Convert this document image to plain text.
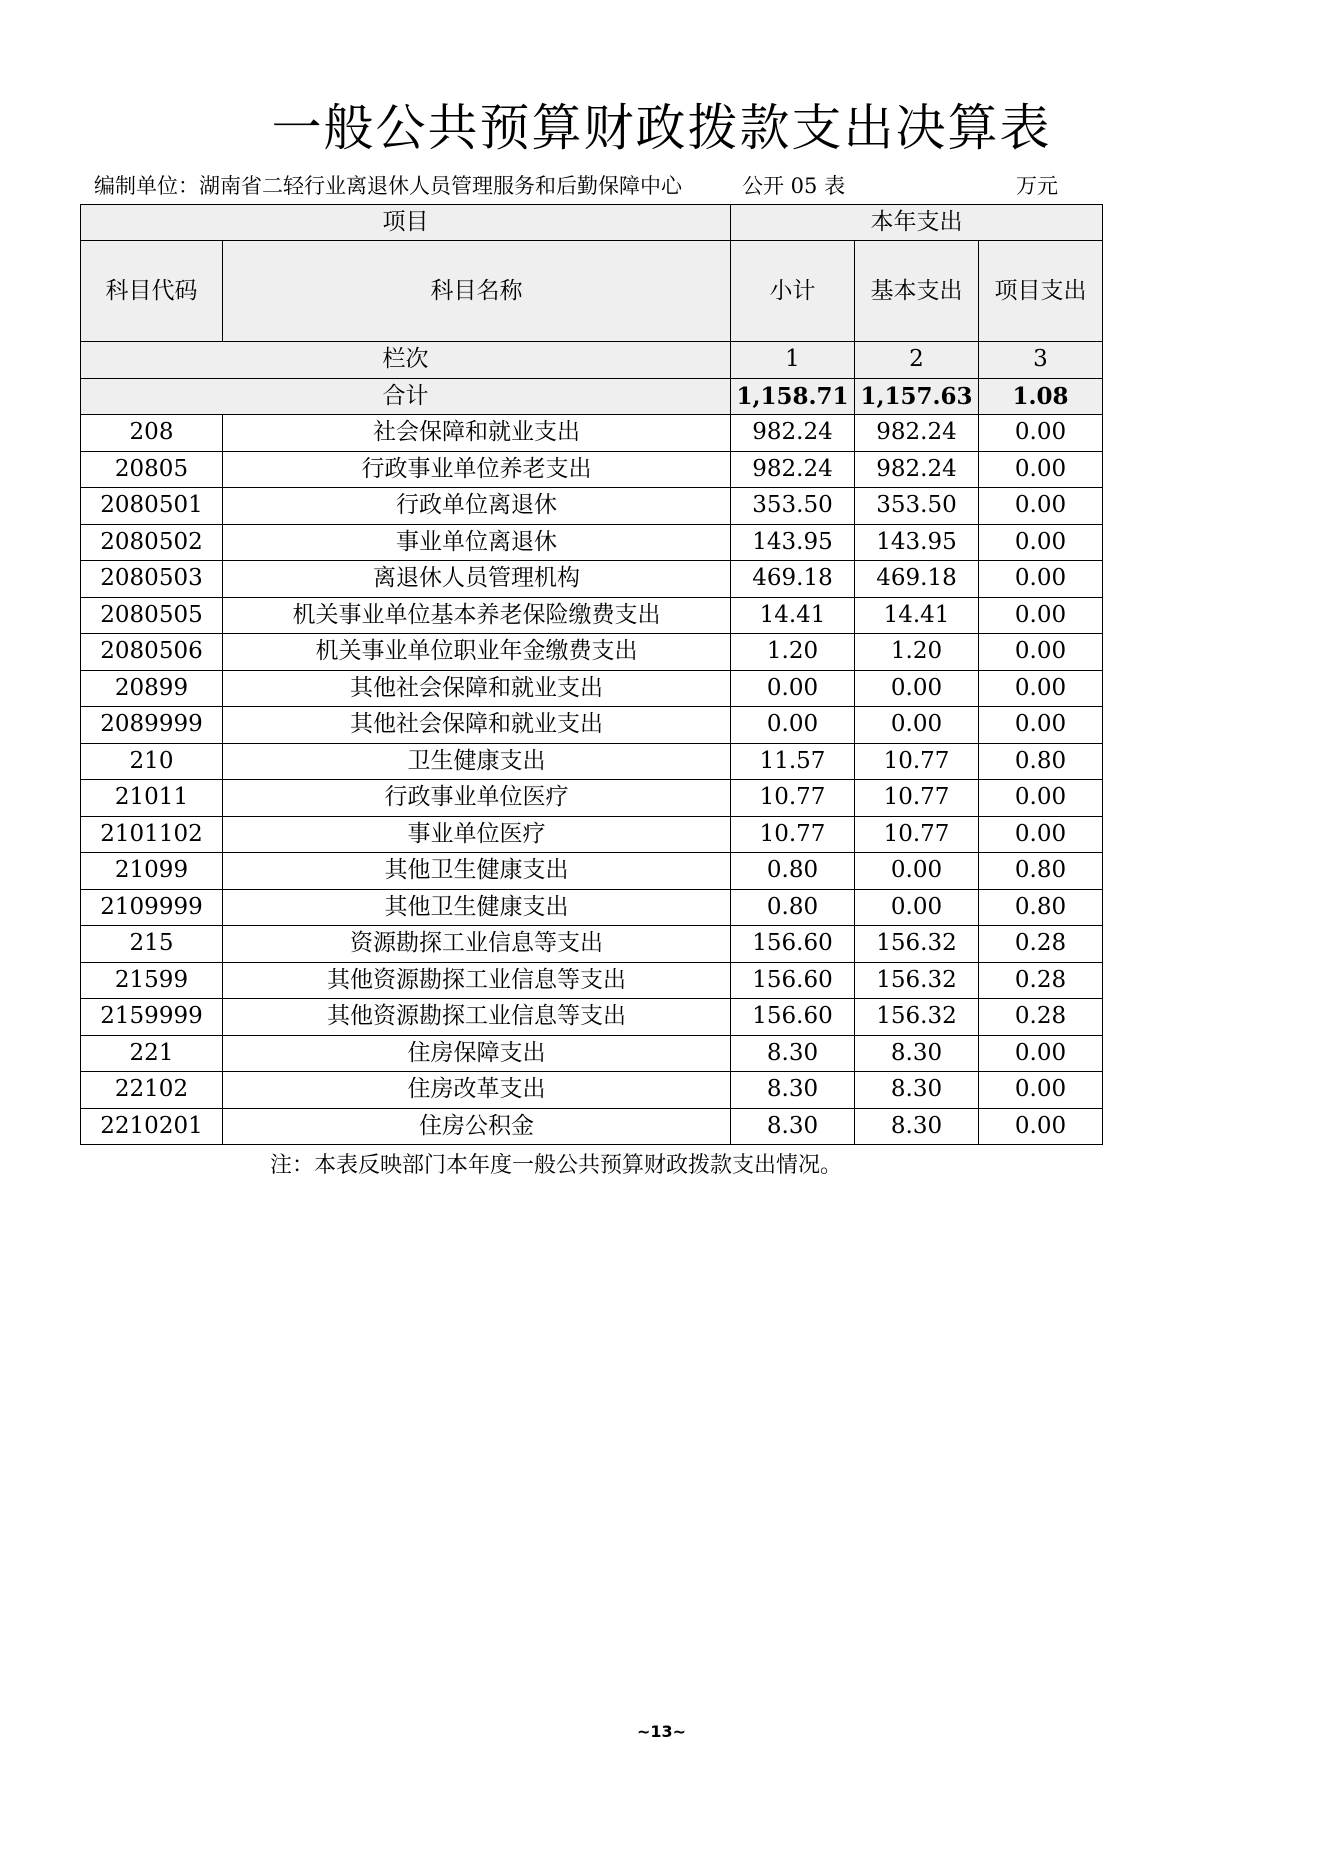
一般公共预算财政拨款支出决算表
编制单位：湖南省二轻行业离退休人员管理服务和后勤保障中心	公开 05 表	万元
项目		本年支出		
科目代码	科目名称	小计	基本支出	项目支出
栏次		1	2	3
合计		1,158.71	1,157.63	1.08
208	社会保障和就业支出	982.24	982.24	0.00
20805	行政事业单位养老支出	982.24	982.24	0.00
2080501	行政单位离退休	353.50	353.50	0.00
2080502	事业单位离退休	143.95	143.95	0.00
2080503	离退休人员管理机构	469.18	469.18	0.00
2080505	机关事业单位基本养老保险缴费支出	14.41	14.41	0.00
2080506	机关事业单位职业年金缴费支出	1.20	1.20	0.00
20899	其他社会保障和就业支出	0.00	0.00	0.00
2089999	其他社会保障和就业支出	0.00	0.00	0.00
210	卫生健康支出	11.57	10.77	0.80
21011	行政事业单位医疗	10.77	10.77	0.00
2101102	事业单位医疗	10.77	10.77	0.00
21099	其他卫生健康支出	0.80	0.00	0.80
2109999	其他卫生健康支出	0.80	0.00	0.80
215	资源勘探工业信息等支出	156.60	156.32	0.28
21599	其他资源勘探工业信息等支出	156.60	156.32	0.28
2159999	其他资源勘探工业信息等支出	156.60	156.32	0.28
221	住房保障支出	8.30	8.30	0.00
22102	住房改革支出	8.30	8.30	0.00
2210201	住房公积金	8.30	8.30	0.00
注：本表反映部门本年度一般公共预算财政拨款支出情况。
~13~
